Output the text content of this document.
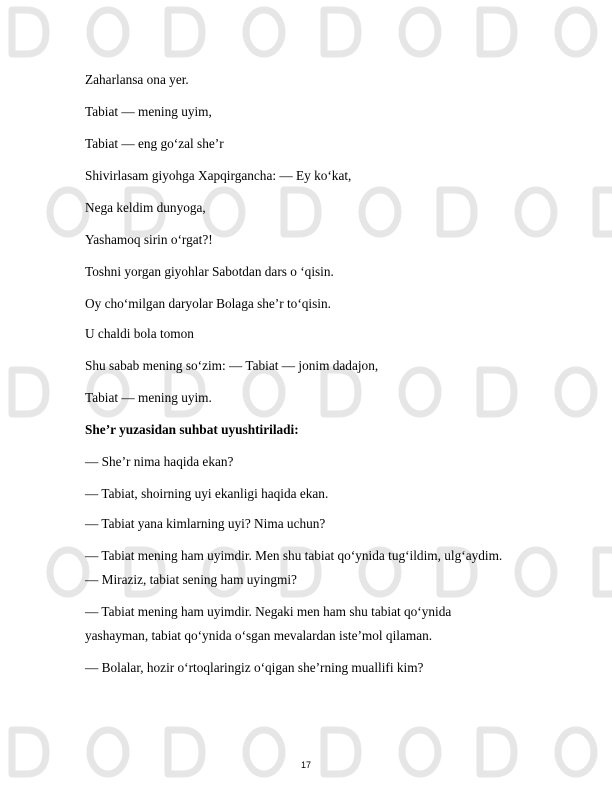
Zaharlansa ona yer.
Tabiat — mening uyim,
Tabiat — eng go‘zal she’r
Shivirlasam giyohga Xapqirgancha: — Ey ko‘kat,
Nega keldim dunyoga,
Yashamoq sirin o‘rgat?!
Toshni yorgan giyohlar Sabotdan dars o ‘qisin.
Oy cho‘milgan daryolar Bolaga she’r to‘qisin.
U chaldi bola tomon
Shu sabab mening so‘zim: — Tabiat — jonim dadajon,
Tabiat — mening uyim.
She’r yuzasidan suhbat uyushtiriladi:
— She’r nima haqida ekan?
— Tabiat, shoirning uyi ekanligi haqida ekan.
— Tabiat yana kimlarning uyi? Nima uchun?
— Tabiat mening ham uyimdir. Men shu tabiat qo‘ynida tug‘ildim, ulg‘aydim.
— Miraziz, tabiat sening ham uyingmi?
— Tabiat mening ham uyimdir. Negaki men ham shu tabiat qo‘ynida
yashayman, tabiat qo‘ynida o‘sgan mevalardan iste’mol qilaman.
— Bolalar, hozir o‘rtoqlaringiz o‘qigan she’rning muallifi kim?
17
